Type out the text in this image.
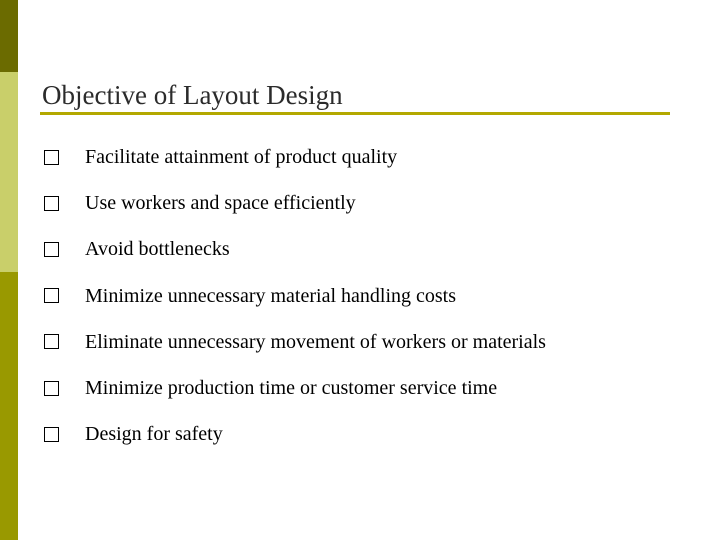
Objective of Layout Design
Facilitate attainment of product quality
Use workers and space efficiently
Avoid bottlenecks
Minimize unnecessary material handling costs
Eliminate unnecessary movement of workers or materials
Minimize production time or customer service time
Design for safety
